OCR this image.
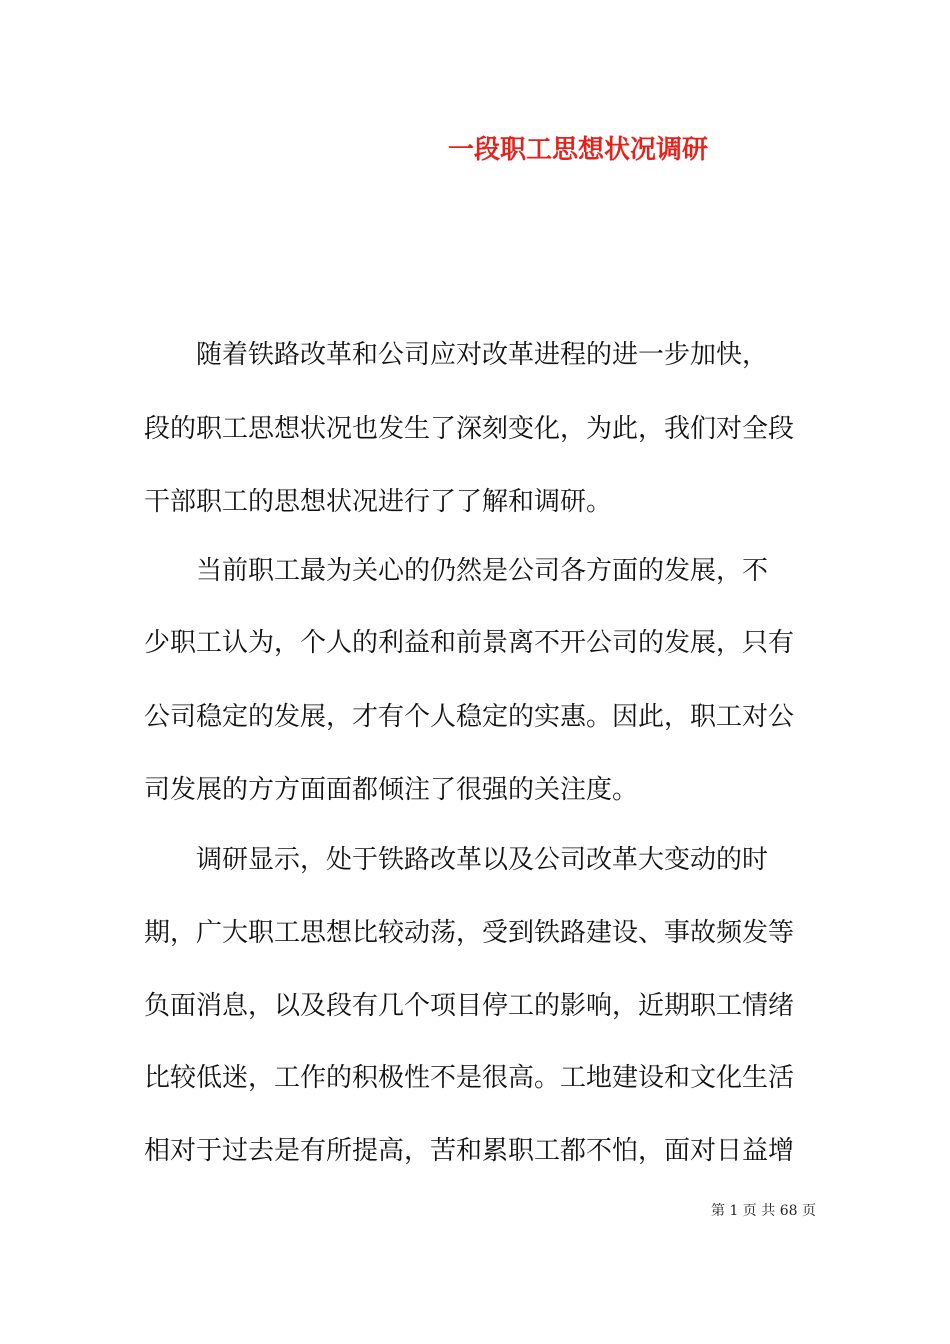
一段职工思想状况调研
　　随着铁路改革和公司应对改革进程的进一步加快，
段的职工思想状况也发生了深刻变化，为此，我们对全段
干部职工的思想状况进行了了解和调研。
　　当前职工最为关心的仍然是公司各方面的发展，不
少职工认为，个人的利益和前景离不开公司的发展，只有
公司稳定的发展，才有个人稳定的实惠。因此，职工对公
司发展的方方面面都倾注了很强的关注度。
　　调研显示，处于铁路改革以及公司改革大变动的时
期，广大职工思想比较动荡，受到铁路建设、事故频发等
负面消息，以及段有几个项目停工的影响，近期职工情绪
比较低迷，工作的积极性不是很高。工地建设和文化生活
相对于过去是有所提高，苦和累职工都不怕，面对日益增
第 1 页 共 68 页
